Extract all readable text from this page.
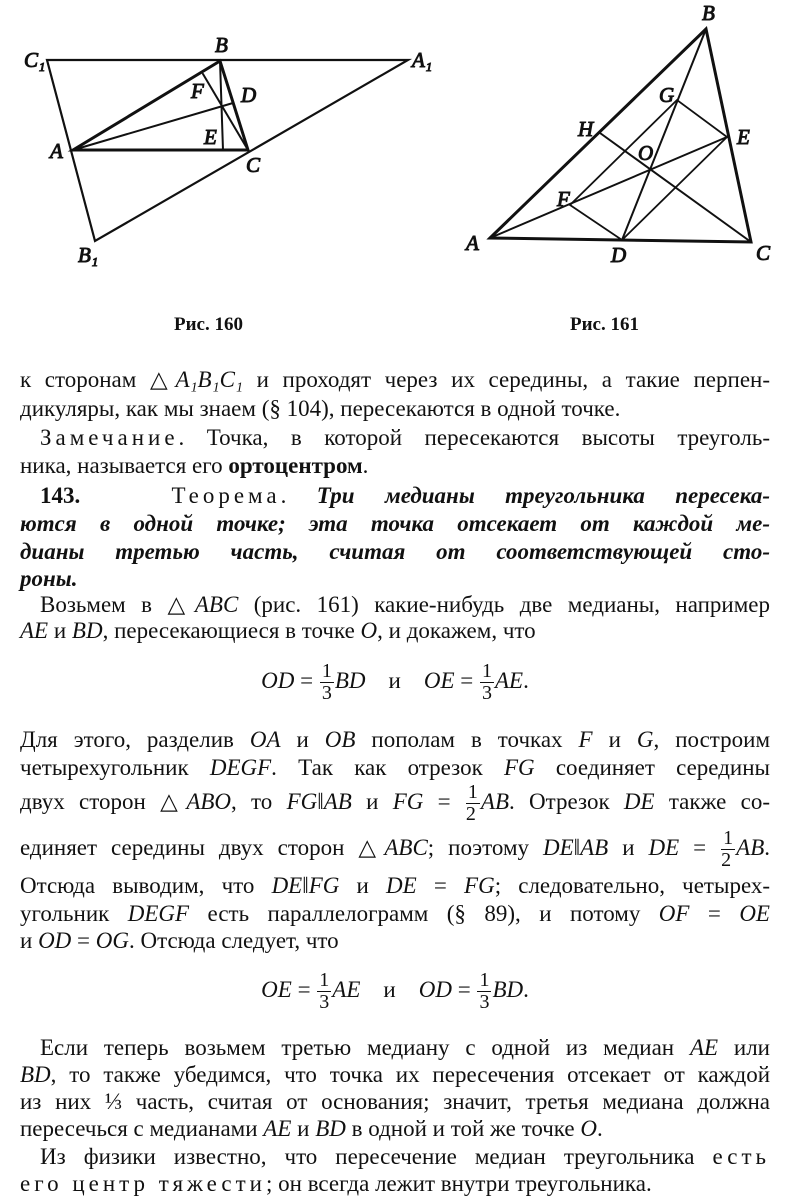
C₁
B
A₁
F D
A
E
C
B₁
B
G
H	E
O
F
A	D	C
Рис. 160	Рис. 161
к сторонам △A₁B₁C₁ и проходят через их середины, а такие перпен-
дикуляры, как мы знаем (§ 104), пересекаются в одной точке.
Замечание. Точка, в которой пересекаются высоты треуголь-
ника, называется его ортоцентром.
143.	Теорема. Три медианы треугольника пересека-
ются в одной точке; эта точка отсекает от каждой ме-
дианы третью часть, считая от соответствующей сто-
роны.
Возьмем в △ABC (рис. 161) какие-нибудь две медианы, например
AE и BD, пересекающиеся в точке O, и докажем, что
OD = $\frac{1}{3}$ BD    и    OE = $\frac{1}{3}$ AE.
Для этого, разделив OA и OB пополам в точках F и G, построим
четырехугольник DEGF. Так как отрезок FG соединяет середины
двух сторон △ABO, то FG‖AB и FG = $\frac{1}{2}$ AB. Отрезок DE также со-
единяет середины двух сторон △ABC; поэтому DE‖AB и DE = $\frac{1}{2}$ AB.
Отсюда выводим, что DE‖FG и DE = FG; следовательно, четырех-
угольник DEGF есть параллелограмм (§ 89), и потому OF = OE
и OD = OG. Отсюда следует, что
OE = $\frac{1}{3}$ AE    и    OD = $\frac{1}{3}$ BD.
Если теперь возьмем третью медиану с одной из медиан AE или
BD, то также убедимся, что точка их пересечения отсекает от каждой
из них ⅓ часть, считая от основания; значит, третья медиана должна
пересечься с медианами AE и BD в одной и той же точке O.
Из физики известно, что пересечение медиан треугольника есть
его центр тяжести; он всегда лежит внутри треугольника.
